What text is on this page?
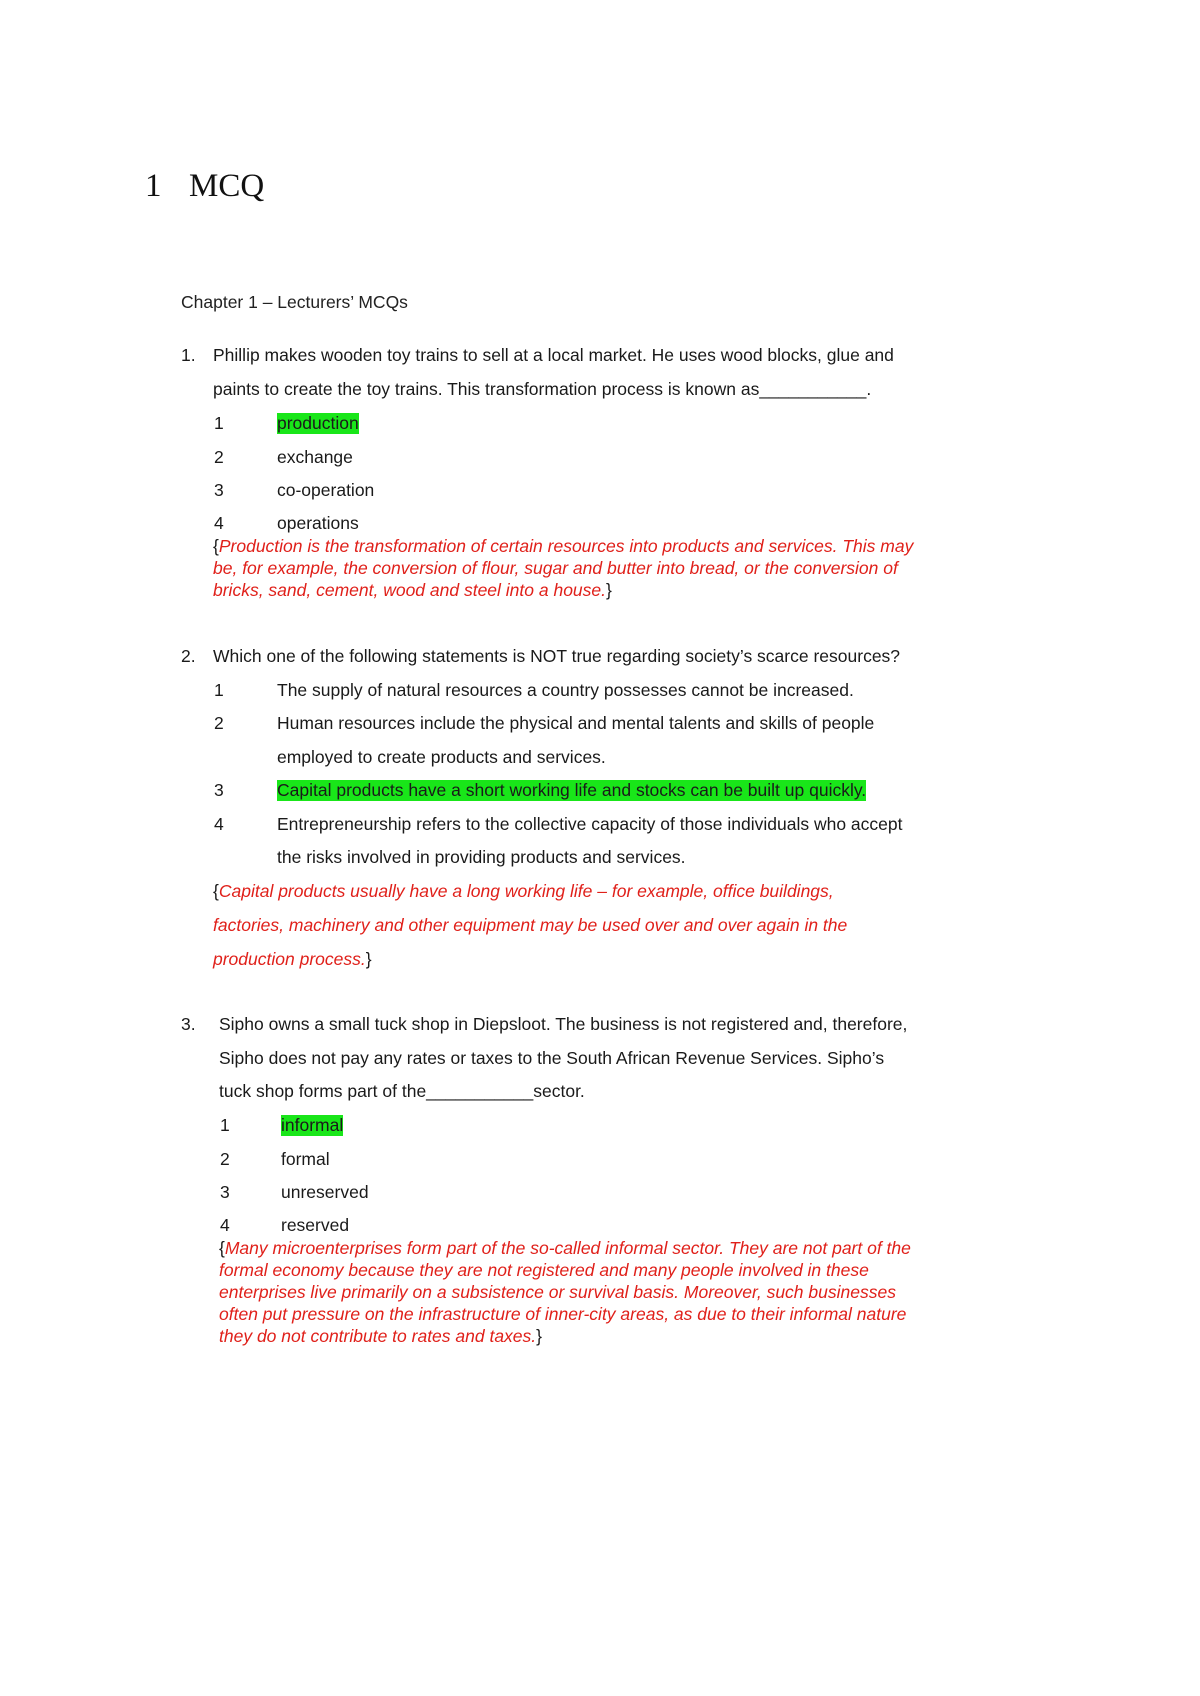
1 MCQ
Chapter 1 – Lecturers’ MCQs
1. Phillip makes wooden toy trains to sell at a local market. He uses wood blocks, glue and
paints to create the toy trains. This transformation process is known as___________.
1	production
2	exchange
3	co-operation
4	operations
{Production is the transformation of certain resources into products and services. This may
be, for example, the conversion of flour, sugar and butter into bread, or the conversion of
bricks, sand, cement, wood and steel into a house.}
2. Which one of the following statements is NOT true regarding society’s scarce resources?
1	The supply of natural resources a country possesses cannot be increased.
2	Human resources include the physical and mental talents and skills of people
employed to create products and services.
3	Capital products have a short working life and stocks can be built up quickly.
4	Entrepreneurship refers to the collective capacity of those individuals who accept
the risks involved in providing products and services.
{Capital products usually have a long working life – for example, office buildings,
factories, machinery and other equipment may be used over and over again in the
production process.}
3. Sipho owns a small tuck shop in Diepsloot. The business is not registered and, therefore,
Sipho does not pay any rates or taxes to the South African Revenue Services. Sipho’s
tuck shop forms part of the___________sector.
1	informal
2	formal
3	unreserved
4	reserved
{Many microenterprises form part of the so-called informal sector. They are not part of the
formal economy because they are not registered and many people involved in these
enterprises live primarily on a subsistence or survival basis. Moreover, such businesses
often put pressure on the infrastructure of inner-city areas, as due to their informal nature
they do not contribute to rates and taxes.}
